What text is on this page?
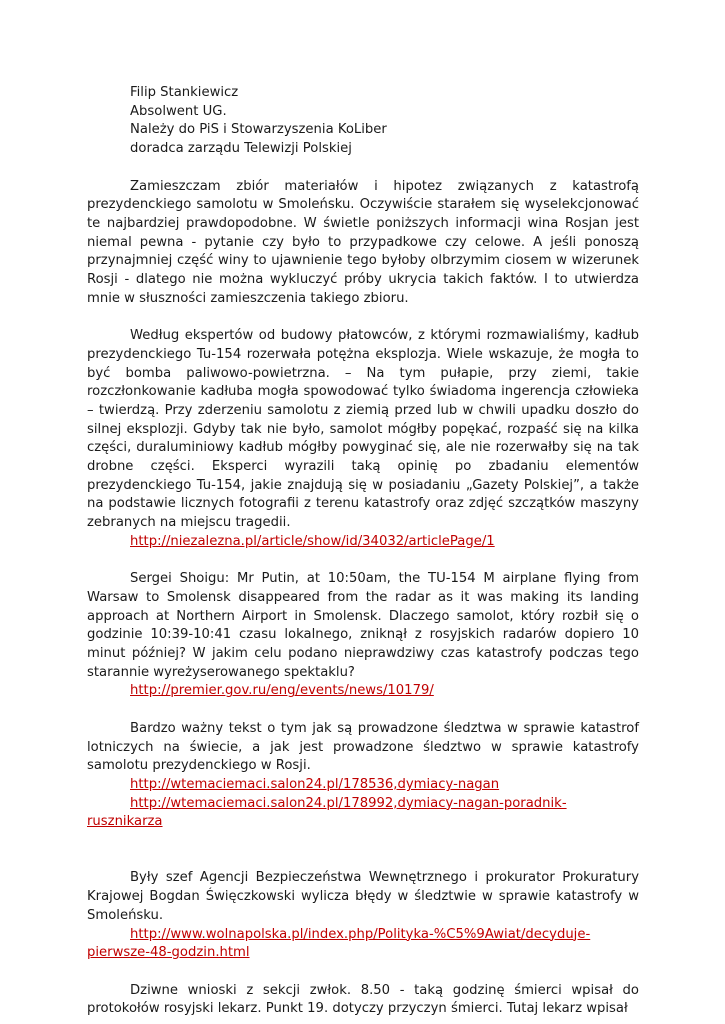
Filip Stankiewicz

Absolwent UG.

Należy do PiS i Stowarzyszenia KoLiber

doradca zarządu Telewizji Polskiej

Zamieszczam zbiór materiałów i hipotez związanych z katastrofą prezydenckiego samolotu w Smoleńsku. Oczywiście starałem się wyselekcjonować te najbardziej prawdopodobne. W świetle poniższych informacji wina Rosjan jest niemal pewna - pytanie czy było to przypadkowe czy celowe. A jeśli ponoszą przynajmniej część winy to ujawnienie tego byłoby olbrzymim ciosem w wizerunek Rosji - dlatego nie można wykluczyć próby ukrycia takich faktów. I to utwierdza mnie w słuszności zamieszczenia takiego zbioru.

Według ekspertów od budowy płatowców, z którymi rozmawialiśmy, kadłub prezydenckiego Tu-154 rozerwała potężna eksplozja. Wiele wskazuje, że mogła to być bomba paliwowo-powietrzna. – Na tym pułapie, przy ziemi, takie rozczłonkowanie kadłuba mogła spowodować tylko świadoma ingerencja człowieka – twierdzą. Przy zderzeniu samolotu z ziemią przed lub w chwili upadku doszło do silnej eksplozji. Gdyby tak nie było, samolot mógłby popękać, rozpaść się na kilka części, duraluminiowy kadłub mógłby powyginać się, ale nie rozerwałby się na tak drobne części. Eksperci wyrazili taką opinię po zbadaniu elementów prezydenckiego Tu-154, jakie znajdują się w posiadaniu „Gazety Polskiej”, a także na podstawie licznych fotografii z terenu katastrofy oraz zdjęć szczątków maszyny zebranych na miejscu tragedii.

http://niezalezna.pl/article/show/id/34032/articlePage/1

Sergei Shoigu: Mr Putin, at 10:50am, the TU-154 M airplane flying from Warsaw to Smolensk disappeared from the radar as it was making its landing approach at Northern Airport in Smolensk. Dlaczego samolot, który rozbił się o godzinie 10:39-10:41 czasu lokalnego, zniknął z rosyjskich radarów dopiero 10 minut później? W jakim celu podano nieprawdziwy czas katastrofy podczas tego starannie wyreżyserowanego spektaklu?

http://premier.gov.ru/eng/events/news/10179/

Bardzo ważny tekst o tym jak są prowadzone śledztwa w sprawie katastrof lotniczych na świecie, a jak jest prowadzone śledztwo w sprawie katastrofy samolotu prezydenckiego w Rosji.

http://wtemaciemaci.salon24.pl/178536,dymiacy-nagan
http://wtemaciemaci.salon24.pl/178992,dymiacy-nagan-poradnik-
rusznikarza

Były szef Agencji Bezpieczeństwa Wewnętrznego i prokurator Prokuratury Krajowej Bogdan Święczkowski wylicza błędy w śledztwie w sprawie katastrofy w Smoleńsku.

http://www.wolnapolska.pl/index.php/Polityka-%C5%9Awiat/decyduje-
pierwsze-48-godzin.html

Dziwne wnioski z sekcji zwłok. 8.50 - taką godzinę śmierci wpisał do protokołów rosyjski lekarz. Punkt 19. dotyczy przyczyn śmierci. Tutaj lekarz wpisał
